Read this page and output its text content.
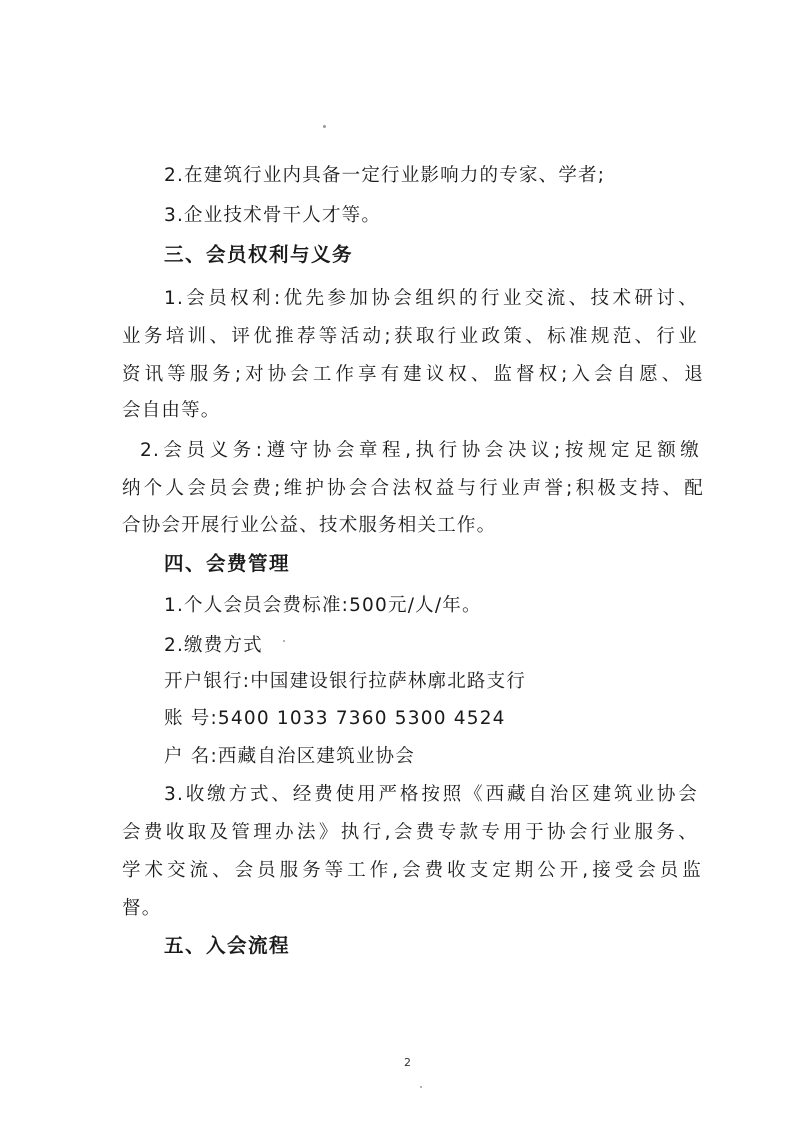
2.在建筑行业内具备一定行业影响力的专家、学者;
3.企业技术骨干人才等。
三、会员权利与义务
1.会员权利:优先参加协会组织的行业交流、技术研讨、
业务培训、评优推荐等活动;获取行业政策、标准规范、行业
资讯等服务;对协会工作享有建议权、监督权;入会自愿、退
会自由等。
2.会员义务:遵守协会章程,执行协会决议;按规定足额缴
纳个人会员会费;维护协会合法权益与行业声誉;积极支持、配
合协会开展行业公益、技术服务相关工作。
四、会费管理
1.个人会员会费标准:500元/人/年。
2.缴费方式
开户银行:中国建设银行拉萨林廓北路支行
账 号:5400 1033 7360 5300 4524
户 名:西藏自治区建筑业协会
3.收缴方式、经费使用严格按照《西藏自治区建筑业协会
会费收取及管理办法》执行,会费专款专用于协会行业服务、
学术交流、会员服务等工作,会费收支定期公开,接受会员监
督。
五、入会流程
2
